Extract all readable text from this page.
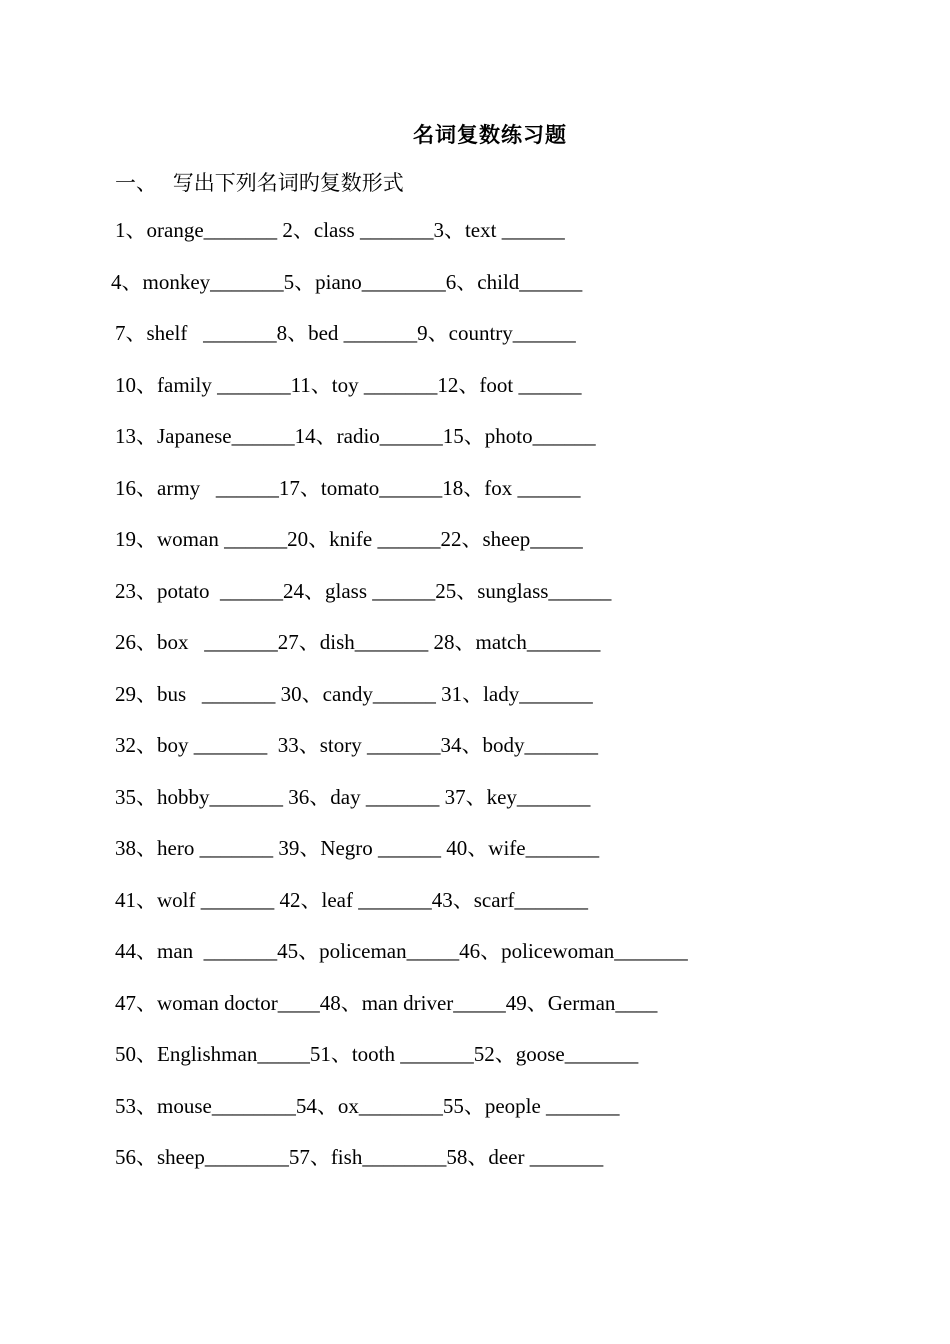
名词复数练习题
一、   写出下列名词旳复数形式
1、orange_______ 2、class _______3、text ______
4、monkey_______5、piano________6、child______
7、shelf   _______8、bed _______9、country______
10、family _______11、toy _______12、foot ______
13、Japanese______14、radio______15、photo______
16、army   ______17、tomato______18、fox ______
19、woman ______20、knife ______22、sheep_____
23、potato  ______24、glass ______25、sunglass______
26、box   _______27、dish_______ 28、match_______
29、bus   _______ 30、candy______ 31、lady_______
32、boy _______  33、story _______34、body_______
35、hobby_______ 36、day _______ 37、key_______
38、hero _______ 39、Negro ______ 40、wife_______
41、wolf _______ 42、leaf _______43、scarf_______
44、man  _______45、policeman_____46、policewoman_______
47、woman doctor____48、man driver_____49、German____
50、Englishman_____51、tooth _______52、goose_______
53、mouse________54、ox________55、people _______
56、sheep________57、fish________58、deer _______
